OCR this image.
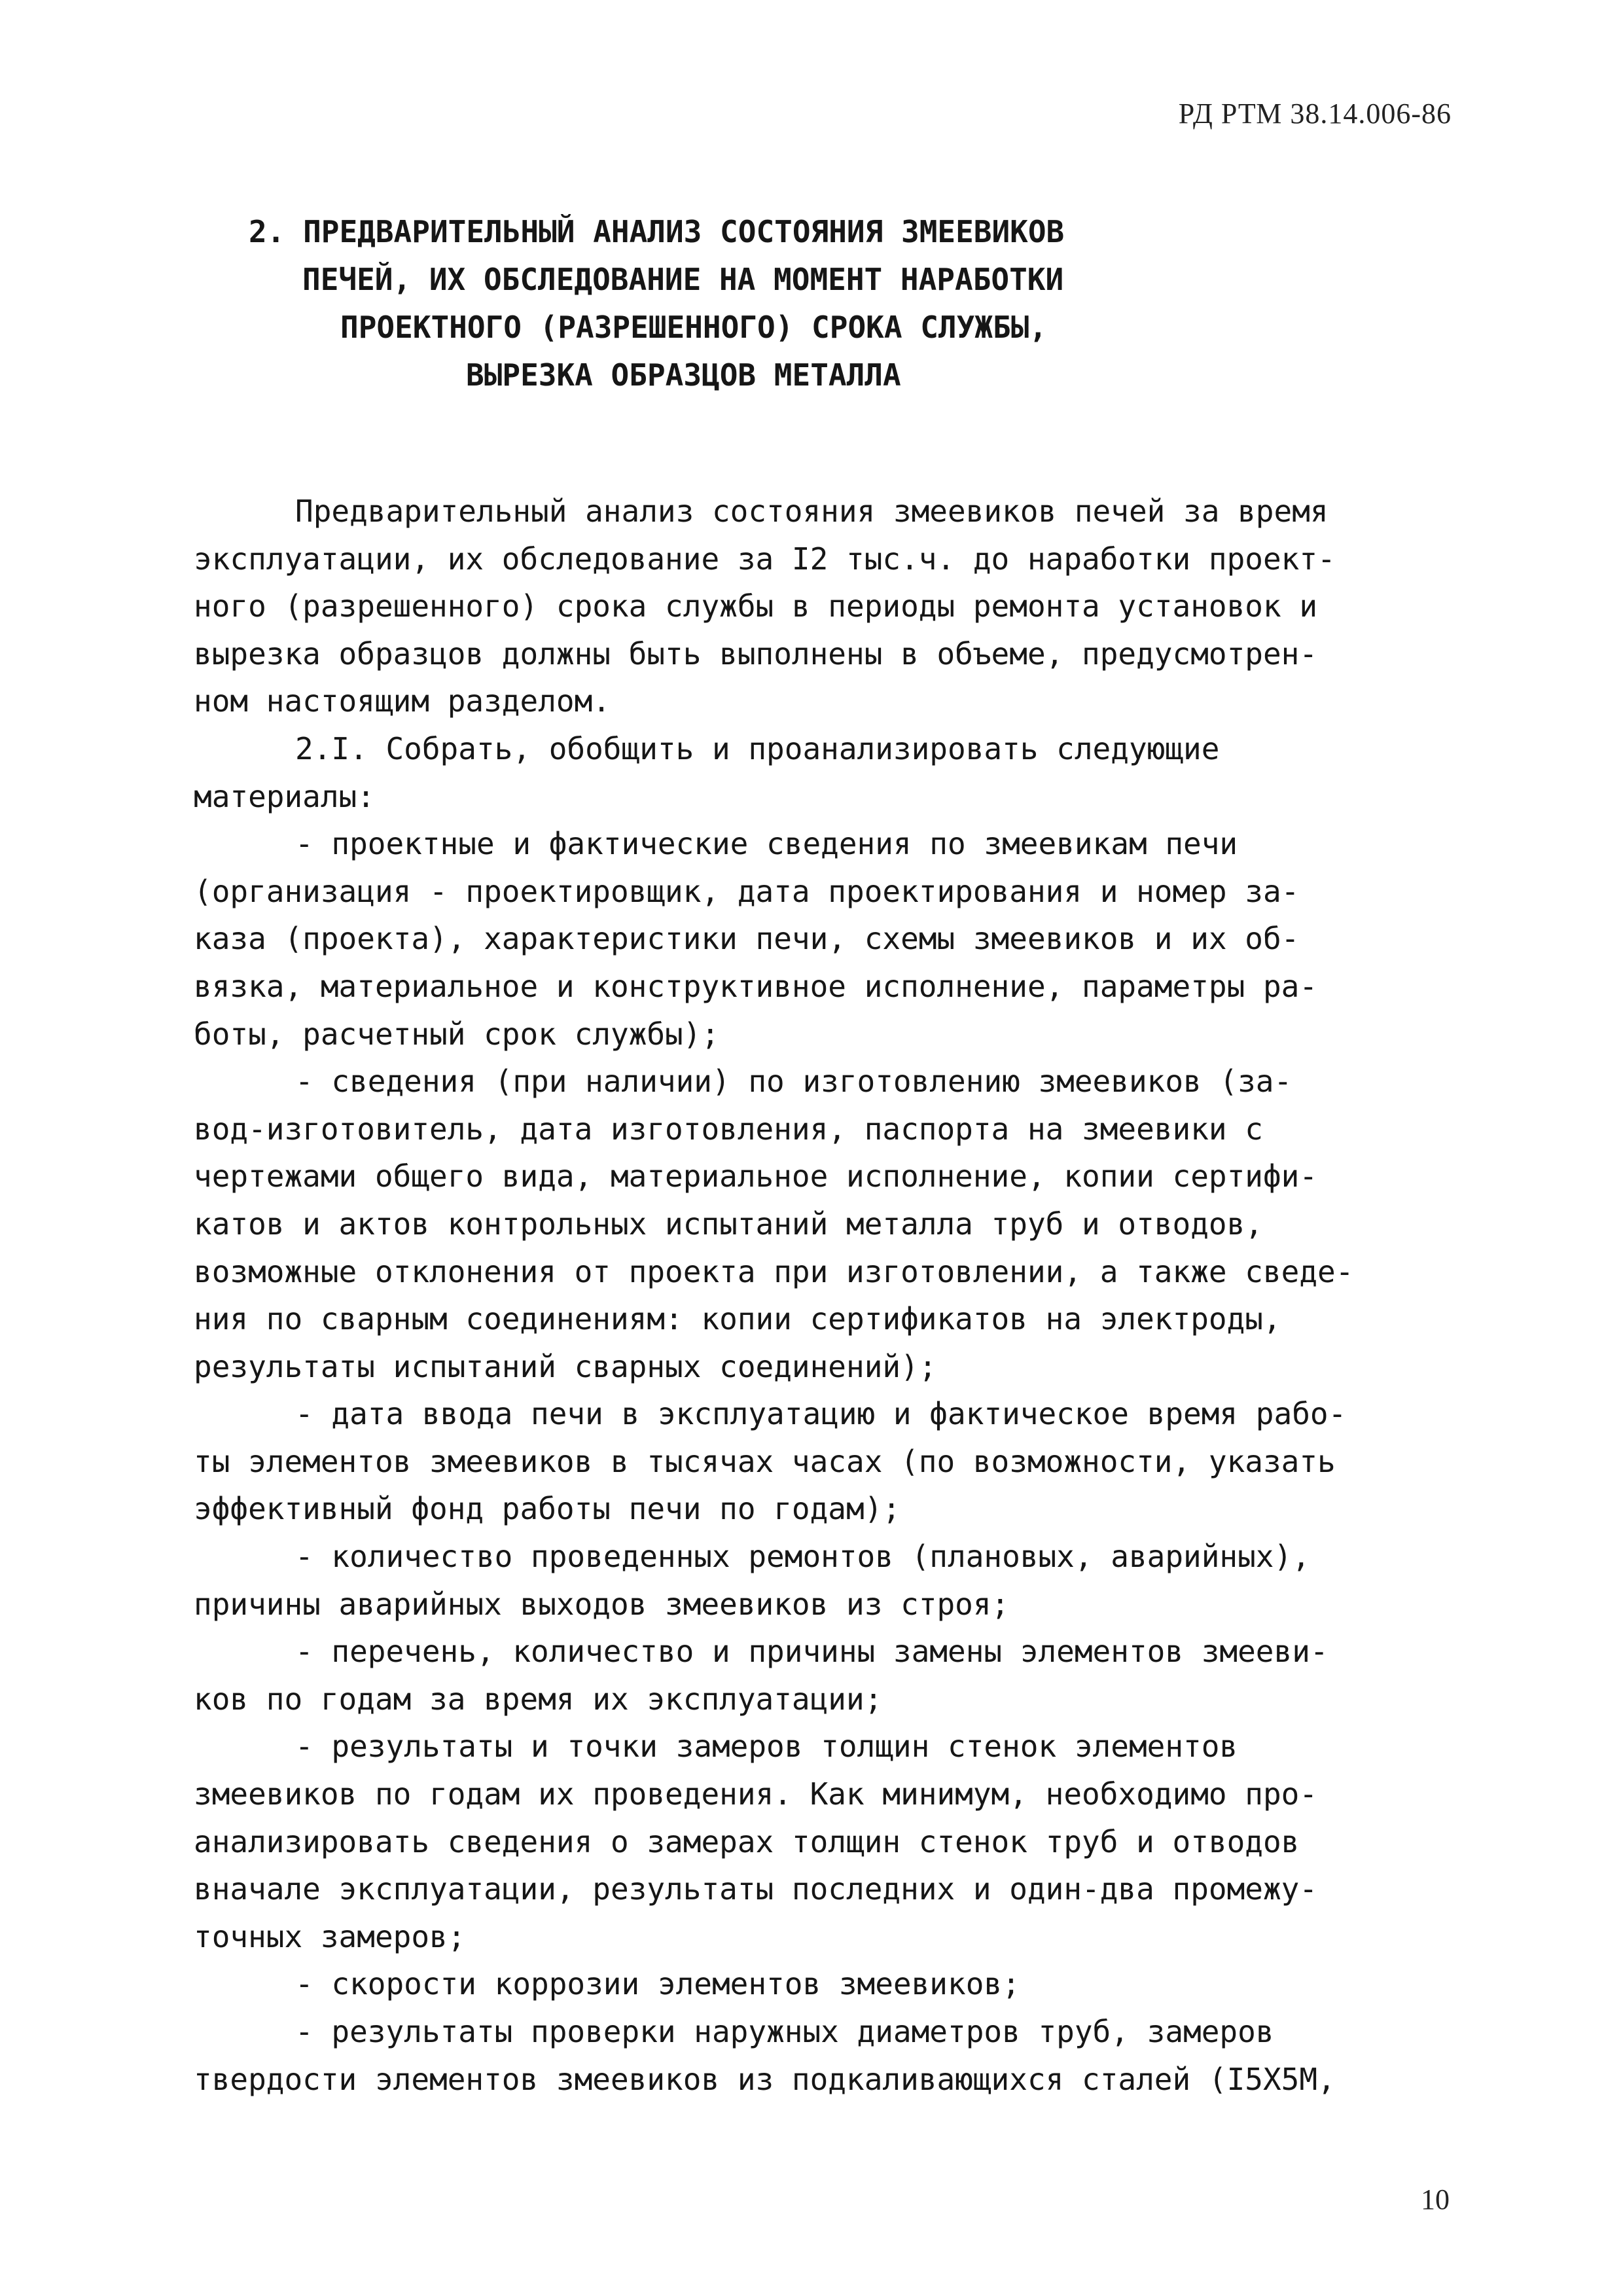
РД РТМ 38.14.006-86
2. ПРЕДВАРИТЕЛЬНЫЙ АНАЛИЗ СОСТОЯНИЯ ЗМЕЕВИКОВ
ПЕЧЕЙ, ИХ ОБСЛЕДОВАНИЕ НА МОМЕНТ НАРАБОТКИ
ПРОЕКТНОГО (РАЗРЕШЕННОГО) СРОКА СЛУЖБЫ,
ВЫРЕЗКА ОБРАЗЦОВ МЕТАЛЛА
Предварительный анализ состояния змеевиков печей за время
эксплуатации, их обследование за I2 тыс.ч. до наработки проект-
ного (разрешенного) срока службы в периоды ремонта установок и
вырезка образцов должны быть выполнены в объеме, предусмотрен-
ном настоящим разделом.
2.I. Собрать, обобщить и проанализировать следующие
материалы:
- проектные и фактические сведения по змеевикам печи
(организация - проектировщик, дата проектирования и номер за-
каза (проекта), характеристики печи, схемы змеевиков и их об-
вязка, материальное и конструктивное исполнение, параметры ра-
боты, расчетный срок службы);
- сведения (при наличии) по изготовлению змеевиков (за-
вод-изготовитель, дата изготовления, паспорта на змеевики с
чертежами общего вида, материальное исполнение, копии сертифи-
катов и актов контрольных испытаний металла труб и отводов,
возможные отклонения от проекта при изготовлении, а также сведе-
ния по сварным соединениям: копии сертификатов на электроды,
результаты испытаний сварных соединений);
- дата ввода печи в эксплуатацию и фактическое время рабо-
ты элементов змеевиков в тысячах часах (по возможности, указать
эффективный фонд работы печи по годам);
- количество проведенных ремонтов (плановых, аварийных),
причины аварийных выходов змеевиков из строя;
- перечень, количество и причины замены элементов змееви-
ков по годам за время их эксплуатации;
- результаты и точки замеров толщин стенок элементов
змеевиков по годам их проведения. Как минимум, необходимо про-
анализировать сведения о замерах толщин стенок труб и отводов
вначале эксплуатации, результаты последних и один-два промежу-
точных замеров;
- скорости коррозии элементов змеевиков;
- результаты проверки наружных диаметров труб, замеров
твердости элементов змеевиков из подкаливающихся сталей (I5X5M,
10
